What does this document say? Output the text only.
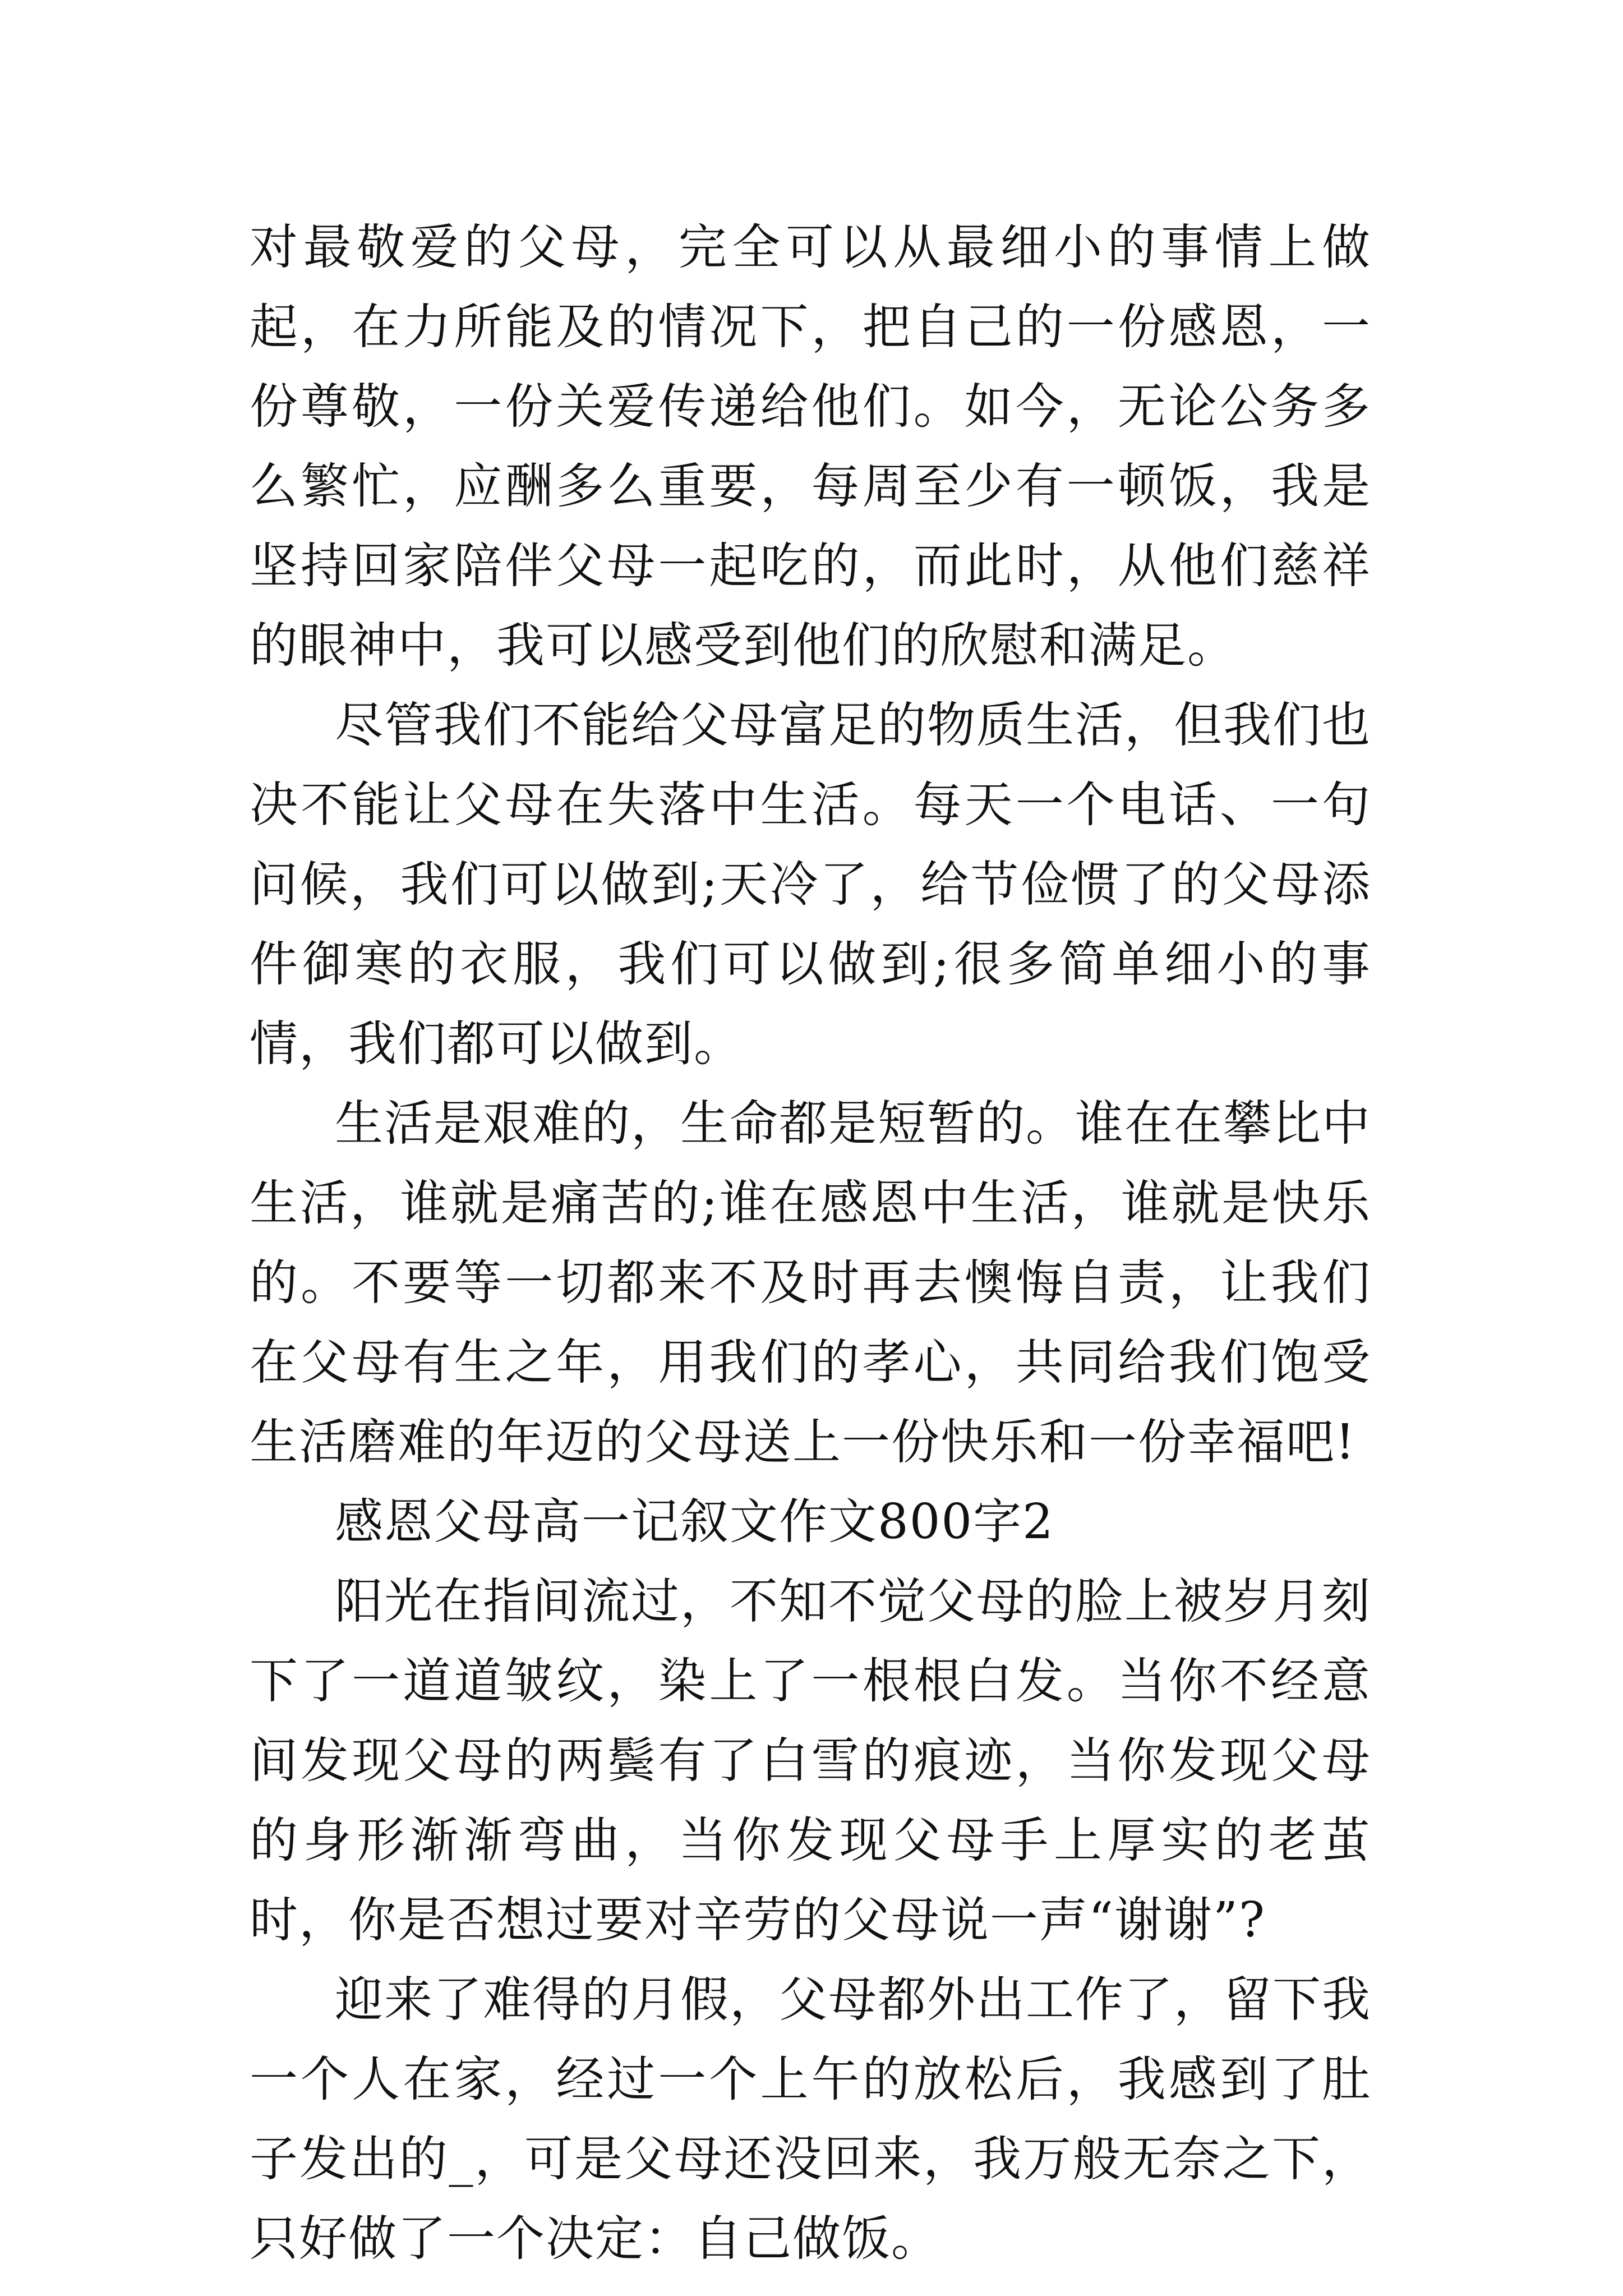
对最敬爱的父母，完全可以从最细小的事情上做起，在力所能及的情况下，把自己的一份感恩，一份尊敬，一份关爱传递给他们。如今，无论公务多么繁忙，应酬多么重要，每周至少有一顿饭，我是坚持回家陪伴父母一起吃的，而此时，从他们慈祥的眼神中，我可以感受到他们的欣慰和满足。

尽管我们不能给父母富足的物质生活，但我们也决不能让父母在失落中生活。每天一个电话、一句问候，我们可以做到;天冷了，给节俭惯了的父母添件御寒的衣服，我们可以做到;很多简单细小的事情，我们都可以做到。

生活是艰难的，生命都是短暂的。谁在在攀比中生活，谁就是痛苦的;谁在感恩中生活，谁就是快乐的。不要等一切都来不及时再去懊悔自责，让我们在父母有生之年，用我们的孝心，共同给我们饱受生活磨难的年迈的父母送上一份快乐和一份幸福吧!

感恩父母高一记叙文作文800字2

阳光在指间流过，不知不觉父母的脸上被岁月刻下了一道道皱纹，染上了一根根白发。当你不经意间发现父母的两鬓有了白雪的痕迹，当你发现父母的身形渐渐弯曲，当你发现父母手上厚实的老茧时，你是否想过要对辛劳的父母说一声“谢谢”?

迎来了难得的月假，父母都外出工作了，留下我一个人在家，经过一个上午的放松后，我感到了肚子发出的_，可是父母还没回来，我万般无奈之下，只好做了一个决定：自己做饭。
